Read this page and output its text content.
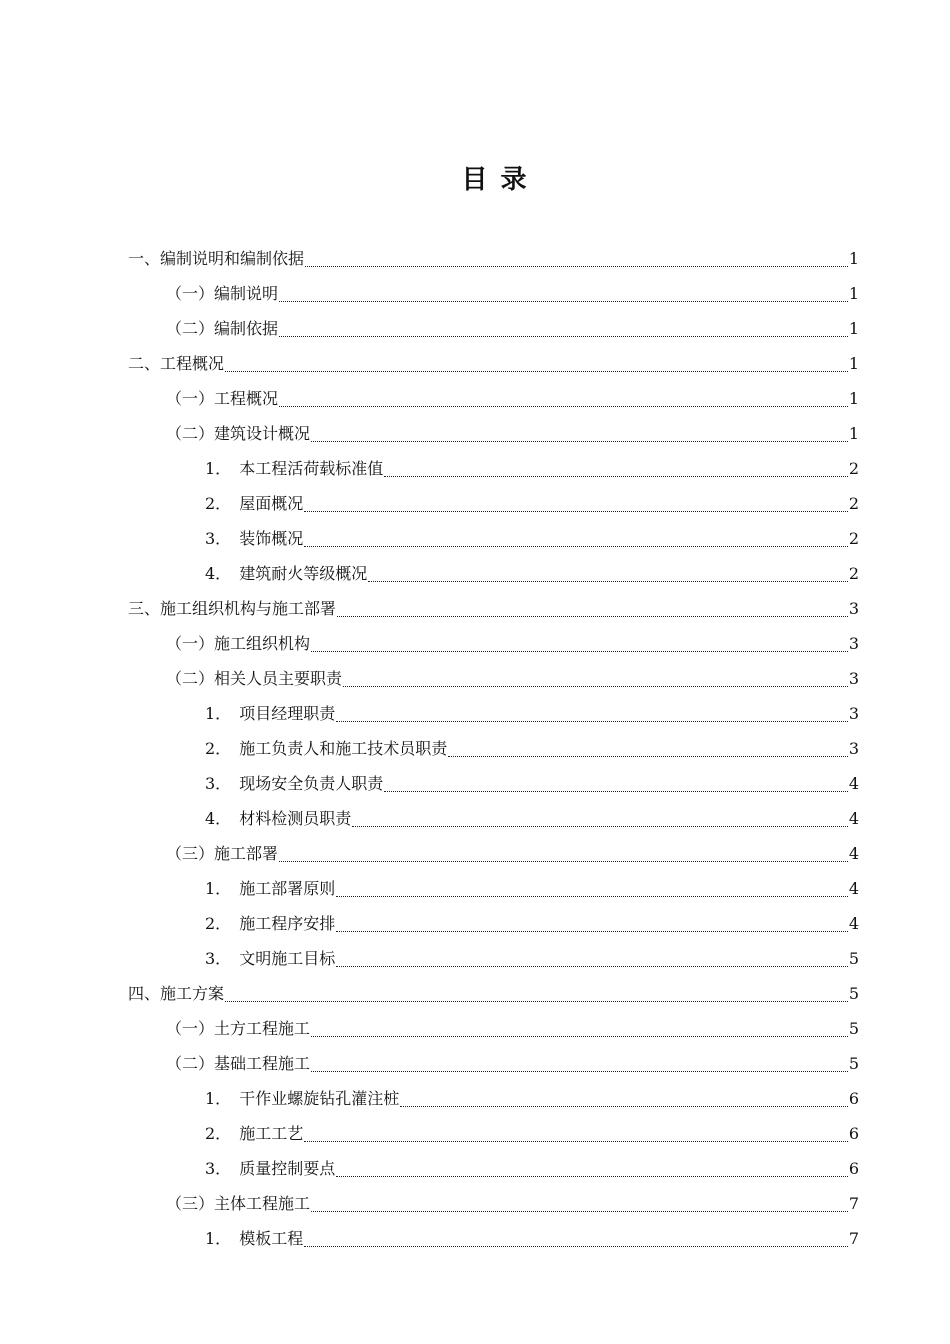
目 录
一、编制说明和编制依据	1
（一）编制说明	1
（二）编制依据	1
二、工程概况	1
（一）工程概况	1
（二）建筑设计概况	1
1． 本工程活荷载标准值	2
2． 屋面概况	2
3． 装饰概况	2
4． 建筑耐火等级概况	2
三、施工组织机构与施工部署	3
（一）施工组织机构	3
（二）相关人员主要职责	3
1． 项目经理职责	3
2． 施工负责人和施工技术员职责	3
3． 现场安全负责人职责	4
4． 材料检测员职责	4
（三）施工部署	4
1． 施工部署原则	4
2． 施工程序安排	4
3． 文明施工目标	5
四、施工方案	5
（一）土方工程施工	5
（二）基础工程施工	5
1． 干作业螺旋钻孔灌注桩	6
2． 施工工艺	6
3． 质量控制要点	6
（三）主体工程施工	7
1． 模板工程	7
